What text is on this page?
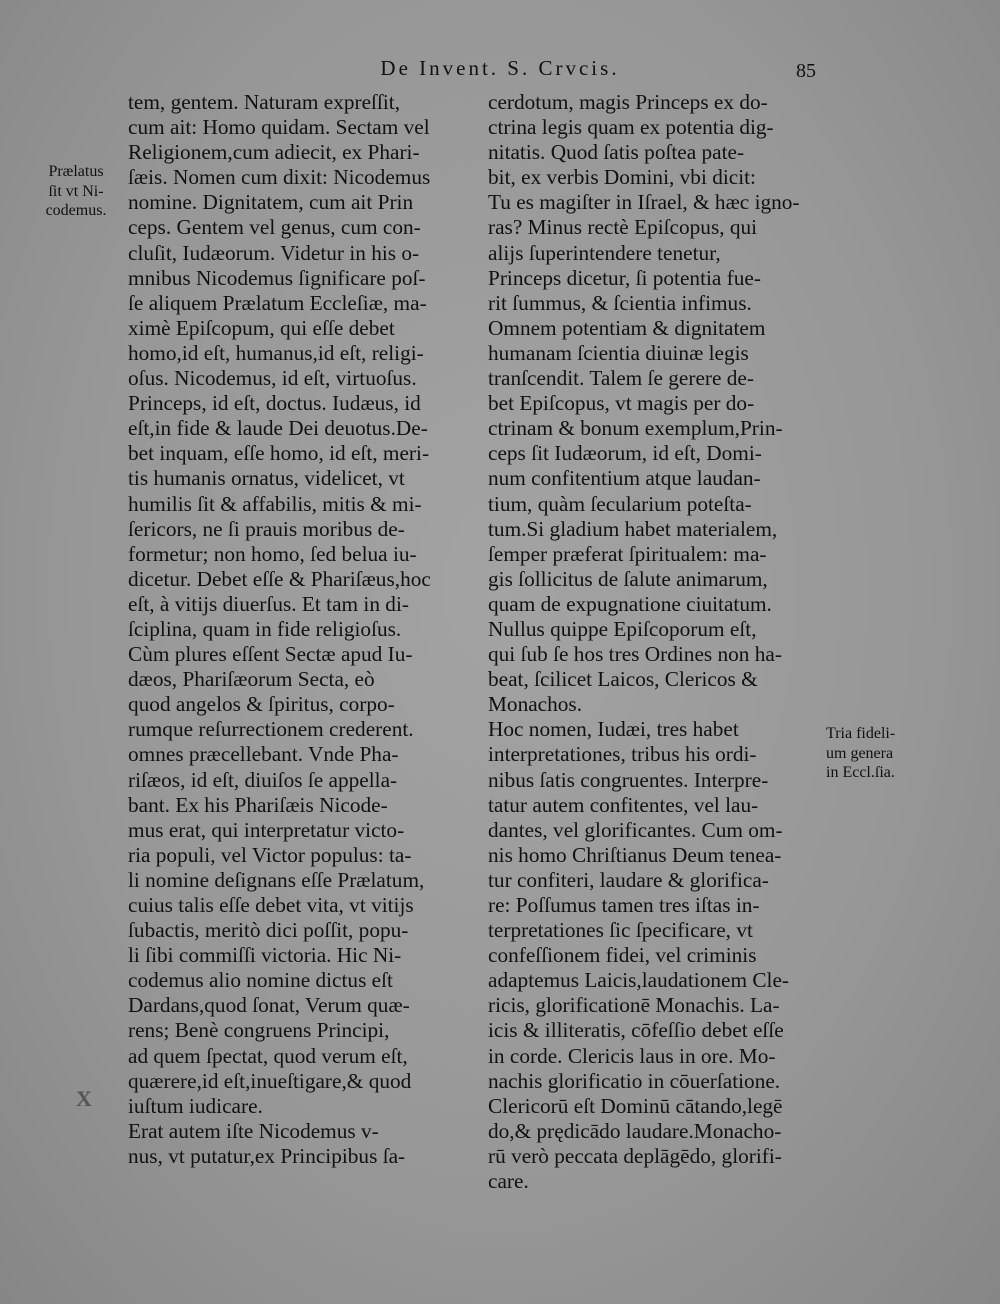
De Invent. S. Crvcis.	85
Prælatus
ſit vt Ni-
codemus.
Tria fideli-
um genera
in Eccl.ſia.
X
tem, gentem. Naturam expreſſit,
cum ait: Homo quidam. Sectam vel
Religionem,cum adiecit, ex Phari-
ſæis. Nomen cum dixit: Nicodemus
nomine. Dignitatem, cum ait Prin
ceps. Gentem vel genus, cum con-
cluſit, Iudæorum. Videtur in his o-
mnibus Nicodemus ſignificare poſ-
ſe aliquem Prælatum Eccleſiæ, ma-
ximè Epiſcopum, qui eſſe debet
homo,id eſt, humanus,id eſt, religi-
oſus. Nicodemus, id eſt, virtuoſus.
Princeps, id eſt, doctus. Iudæus, id
eſt,in fide & laude Dei deuotus.De-
bet inquam, eſſe homo, id eſt, meri-
tis humanis ornatus, videlicet, vt
humilis ſit & affabilis, mitis & mi-
ſericors, ne ſi prauis moribus de-
formetur; non homo, ſed belua iu-
dicetur. Debet eſſe & Phariſæus,hoc
eſt, à vitijs diuerſus. Et tam in di-
ſciplina, quam in fide religioſus.
Cùm plures eſſent Sectæ apud Iu-
dæos, Phariſæorum Secta, eò
quod angelos & ſpiritus, corpo-
rumque reſurrectionem crederent.
omnes præcellebant. Vnde Pha-
riſæos, id eſt, diuiſos ſe appella-
bant. Ex his Phariſæis Nicode-
mus erat, qui interpretatur victo-
ria populi, vel Victor populus: ta-
li nomine deſignans eſſe Prælatum,
cuius talis eſſe debet vita, vt vitijs
ſubactis, meritò dici poſſit, popu-
li ſibi commiſſi victoria. Hic Ni-
codemus alio nomine dictus eſt
Dardans,quod ſonat, Verum quæ-
rens; Benè congruens Principi,
ad quem ſpectat, quod verum eſt,
quærere,id eſt,inueſtigare,& quod
iuſtum iudicare.
Erat autem iſte Nicodemus v-
nus, vt putatur,ex Principibus ſa-
cerdotum, magis Princeps ex do-
ctrina legis quam ex potentia dig-
nitatis. Quod ſatis poſtea pate-
bit, ex verbis Domini, vbi dicit:
Tu es magiſter in Iſrael, & hæc igno-
ras? Minus rectè Epiſcopus, qui
alijs ſuperintendere tenetur,
Princeps dicetur, ſi potentia fue-
rit ſummus, & ſcientia infimus.
Omnem potentiam & dignitatem
humanam ſcientia diuinæ legis
tranſcendit. Talem ſe gerere de-
bet Epiſcopus, vt magis per do-
ctrinam & bonum exemplum,Prin-
ceps ſit Iudæorum, id eſt, Domi-
num confitentium atque laudan-
tium, quàm ſecularium poteſta-
tum.Si gladium habet materialem,
ſemper præferat ſpiritualem: ma-
gis ſollicitus de ſalute animarum,
quam de expugnatione ciuitatum.
Nullus quippe Epiſcoporum eſt,
qui ſub ſe hos tres Ordines non ha-
beat, ſcilicet Laicos, Clericos &
Monachos.
Hoc nomen, Iudæi, tres habet
interpretationes, tribus his ordi-
nibus ſatis congruentes. Interpre-
tatur autem confitentes, vel lau-
dantes, vel glorificantes. Cum om-
nis homo Chriſtianus Deum tenea-
tur confiteri, laudare & glorifica-
re: Poſſumus tamen tres iſtas in-
terpretationes ſic ſpecificare, vt
confeſſionem fidei, vel criminis
adaptemus Laicis,laudationem Cle-
ricis, glorificationē Monachis. La-
icis & illiteratis, cōfeſſio debet eſſe
in corde. Clericis laus in ore. Mo-
nachis glorificatio in cōuerſatione.
Clericorū eſt Dominū cātando,legē
do,& prędicādo laudare.Monacho-
rū verò peccata deplāgēdo, glorifi-
care.
